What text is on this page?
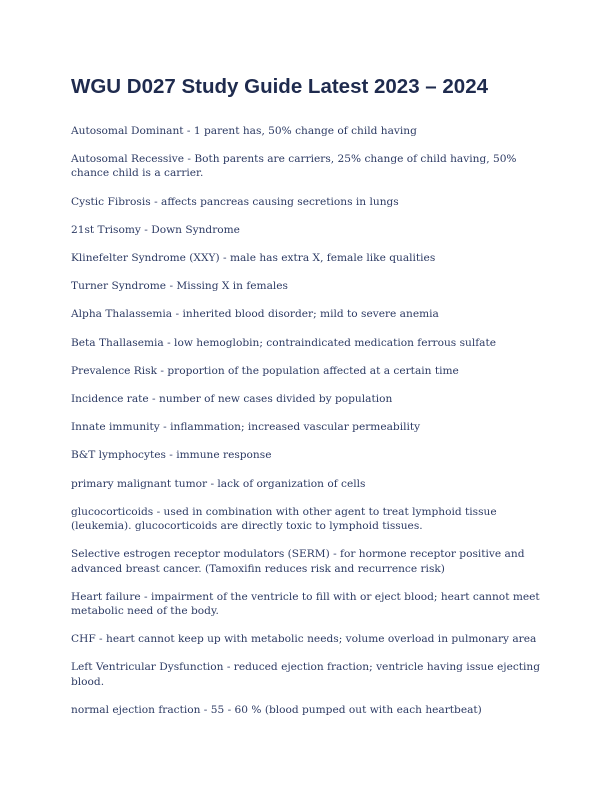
WGU D027 Study Guide Latest 2023 – 2024
Autosomal Dominant - 1 parent has, 50% change of child having
Autosomal Recessive - Both parents are carriers, 25% change of child having, 50% chance child is a carrier.
Cystic Fibrosis - affects pancreas causing secretions in lungs
21st Trisomy - Down Syndrome
Klinefelter Syndrome (XXY) - male has extra X, female like qualities
Turner Syndrome - Missing X in females
Alpha Thalassemia - inherited blood disorder; mild to severe anemia
Beta Thallasemia - low hemoglobin; contraindicated medication ferrous sulfate
Prevalence Risk - proportion of the population affected at a certain time
Incidence rate - number of new cases divided by population
Innate immunity - inflammation; increased vascular permeability
B&T lymphocytes - immune response
primary malignant tumor - lack of organization of cells
glucocorticoids - used in combination with other agent to treat lymphoid tissue (leukemia). glucocorticoids are directly toxic to lymphoid tissues.
Selective estrogen receptor modulators (SERM) - for hormone receptor positive and advanced breast cancer. (Tamoxifin reduces risk and recurrence risk)
Heart failure - impairment of the ventricle to fill with or eject blood; heart cannot meet metabolic need of the body.
CHF - heart cannot keep up with metabolic needs; volume overload in pulmonary area
Left Ventricular Dysfunction - reduced ejection fraction; ventricle having issue ejecting blood.
normal ejection fraction - 55 - 60 % (blood pumped out with each heartbeat)
